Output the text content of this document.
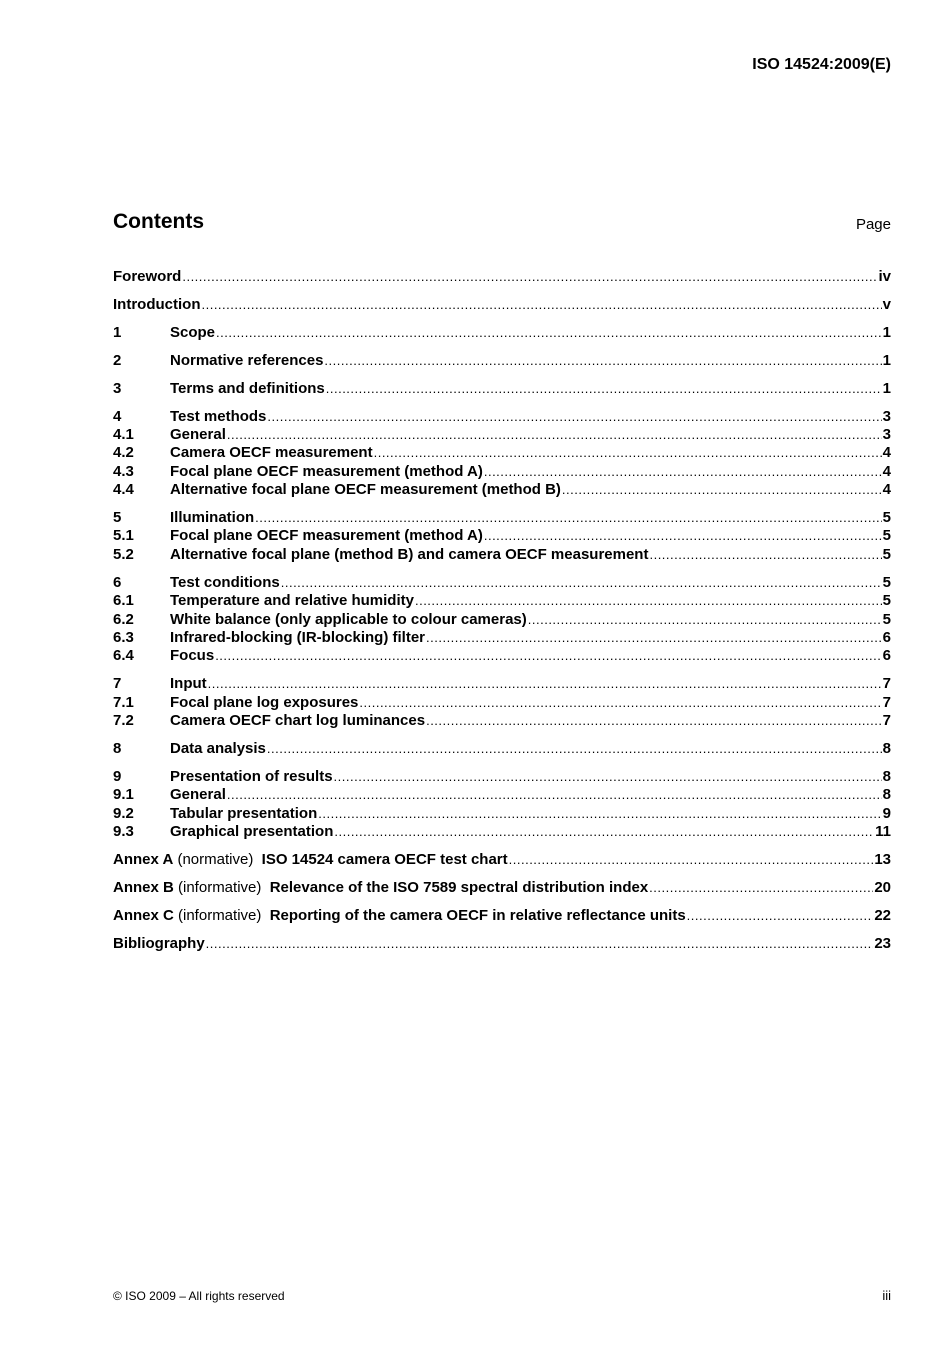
ISO 14524:2009(E)
Contents	Page
Foreword .....	iv
Introduction .....	v
1	Scope .....	1
2	Normative references .....	1
3	Terms and definitions .....	1
4	Test methods .....	3
4.1	General .....	3
4.2	Camera OECF measurement .....	4
4.3	Focal plane OECF measurement (method A) .....	4
4.4	Alternative focal plane OECF measurement (method B) .....	4
5	Illumination .....	5
5.1	Focal plane OECF measurement (method A) .....	5
5.2	Alternative focal plane (method B) and camera OECF measurement .....	5
6	Test conditions .....	5
6.1	Temperature and relative humidity .....	5
6.2	White balance (only applicable to colour cameras) .....	5
6.3	Infrared-blocking (IR-blocking) filter .....	6
6.4	Focus .....	6
7	Input .....	7
7.1	Focal plane log exposures .....	7
7.2	Camera OECF chart log luminances .....	7
8	Data analysis .....	8
9	Presentation of results .....	8
9.1	General .....	8
9.2	Tabular presentation .....	9
9.3	Graphical presentation .....	11
Annex A (normative) ISO 14524 camera OECF test chart .....	13
Annex B (informative) Relevance of the ISO 7589 spectral distribution index .....	20
Annex C (informative) Reporting of the camera OECF in relative reflectance units .....	22
Bibliography .....	23
© ISO 2009 – All rights reserved	iii
